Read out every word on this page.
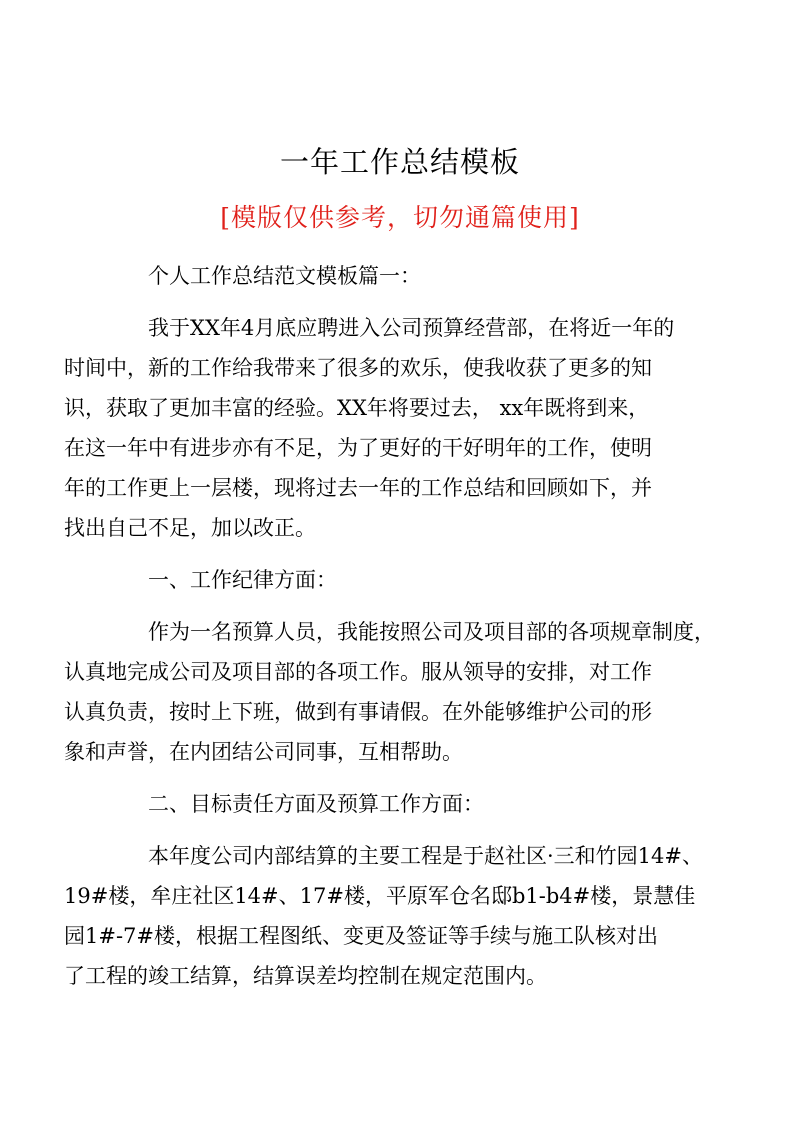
一年工作总结模板
[模版仅供参考，切勿通篇使用]
个人工作总结范文模板篇一：
我于XX年4月底应聘进入公司预算经营部，在将近一年的
时间中，新的工作给我带来了很多的欢乐，使我收获了更多的知
识，获取了更加丰富的经验。XX年将要过去， xx年既将到来，
在这一年中有进步亦有不足，为了更好的干好明年的工作，使明
年的工作更上一层楼，现将过去一年的工作总结和回顾如下，并
找出自己不足，加以改正。
一、工作纪律方面：
作为一名预算人员，我能按照公司及项目部的各项规章制度，
认真地完成公司及项目部的各项工作。服从领导的安排，对工作
认真负责，按时上下班，做到有事请假。在外能够维护公司的形
象和声誉，在内团结公司同事，互相帮助。
二、目标责任方面及预算工作方面：
本年度公司内部结算的主要工程是于赵社区·三和竹园14#、
19#楼，牟庄社区14#、17#楼，平原军仓名邸b1-b4#楼，景慧佳
园1#-7#楼，根据工程图纸、变更及签证等手续与施工队核对出
了工程的竣工结算，结算误差均控制在规定范围内。
